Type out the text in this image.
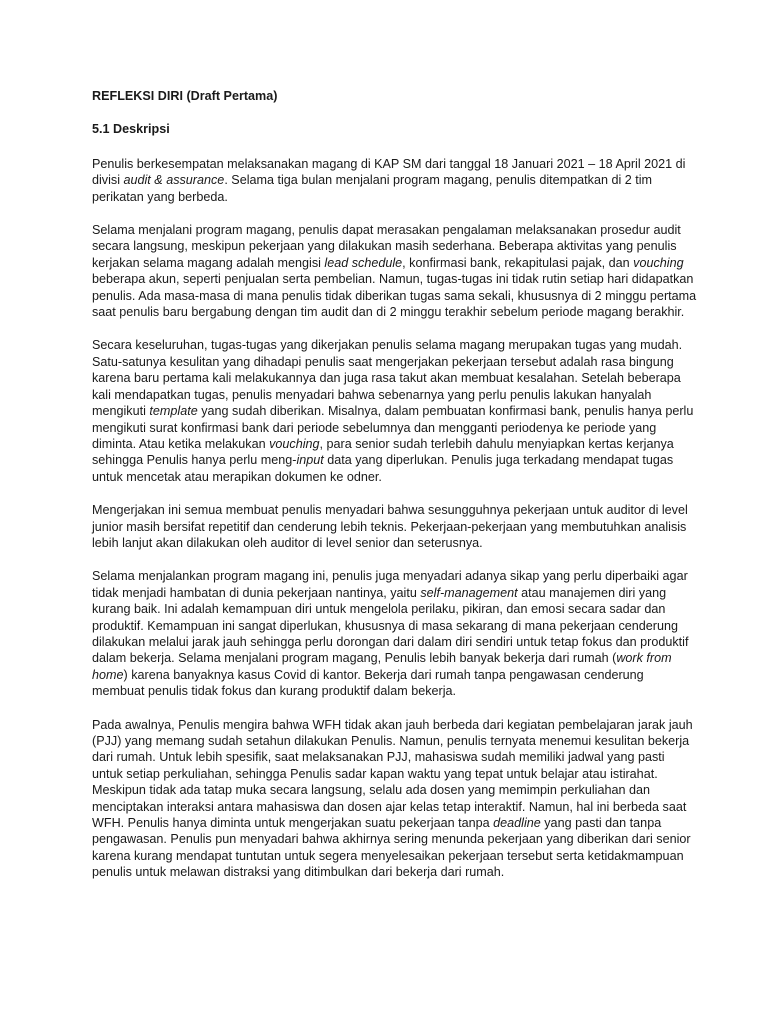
REFLEKSI DIRI (Draft Pertama)

5.1 Deskripsi

Penulis berkesempatan melaksanakan magang di KAP SM dari tanggal 18 Januari 2021 – 18 April 2021 di divisi audit & assurance. Selama tiga bulan menjalani program magang, penulis ditempatkan di 2 tim perikatan yang berbeda.

Selama menjalani program magang, penulis dapat merasakan pengalaman melaksanakan prosedur audit secara langsung, meskipun pekerjaan yang dilakukan masih sederhana. Beberapa aktivitas yang penulis kerjakan selama magang adalah mengisi lead schedule, konfirmasi bank, rekapitulasi pajak, dan vouching beberapa akun, seperti penjualan serta pembelian. Namun, tugas-tugas ini tidak rutin setiap hari didapatkan penulis. Ada masa-masa di mana penulis tidak diberikan tugas sama sekali, khususnya di 2 minggu pertama saat penulis baru bergabung dengan tim audit dan di 2 minggu terakhir sebelum periode magang berakhir.

Secara keseluruhan, tugas-tugas yang dikerjakan penulis selama magang merupakan tugas yang mudah. Satu-satunya kesulitan yang dihadapi penulis saat mengerjakan pekerjaan tersebut adalah rasa bingung karena baru pertama kali melakukannya dan juga rasa takut akan membuat kesalahan. Setelah beberapa kali mendapatkan tugas, penulis menyadari bahwa sebenarnya yang perlu penulis lakukan hanyalah mengikuti template yang sudah diberikan. Misalnya, dalam pembuatan konfirmasi bank, penulis hanya perlu mengikuti surat konfirmasi bank dari periode sebelumnya dan mengganti periodenya ke periode yang diminta. Atau ketika melakukan vouching, para senior sudah terlebih dahulu menyiapkan kertas kerjanya sehingga Penulis hanya perlu meng-input data yang diperlukan. Penulis juga terkadang mendapat tugas untuk mencetak atau merapikan dokumen ke odner.

Mengerjakan ini semua membuat penulis menyadari bahwa sesungguhnya pekerjaan untuk auditor di level junior masih bersifat repetitif dan cenderung lebih teknis. Pekerjaan-pekerjaan yang membutuhkan analisis lebih lanjut akan dilakukan oleh auditor di level senior dan seterusnya.

Selama menjalankan program magang ini, penulis juga menyadari adanya sikap yang perlu diperbaiki agar tidak menjadi hambatan di dunia pekerjaan nantinya, yaitu self-management atau manajemen diri yang kurang baik. Ini adalah kemampuan diri untuk mengelola perilaku, pikiran, dan emosi secara sadar dan produktif. Kemampuan ini sangat diperlukan, khususnya di masa sekarang di mana pekerjaan cenderung dilakukan melalui jarak jauh sehingga perlu dorongan dari dalam diri sendiri untuk tetap fokus dan produktif dalam bekerja. Selama menjalani program magang, Penulis lebih banyak bekerja dari rumah (work from home) karena banyaknya kasus Covid di kantor. Bekerja dari rumah tanpa pengawasan cenderung membuat penulis tidak fokus dan kurang produktif dalam bekerja.

Pada awalnya, Penulis mengira bahwa WFH tidak akan jauh berbeda dari kegiatan pembelajaran jarak jauh (PJJ) yang memang sudah setahun dilakukan Penulis. Namun, penulis ternyata menemui kesulitan bekerja dari rumah. Untuk lebih spesifik, saat melaksanakan PJJ, mahasiswa sudah memiliki jadwal yang pasti untuk setiap perkuliahan, sehingga Penulis sadar kapan waktu yang tepat untuk belajar atau istirahat. Meskipun tidak ada tatap muka secara langsung, selalu ada dosen yang memimpin perkuliahan dan menciptakan interaksi antara mahasiswa dan dosen ajar kelas tetap interaktif. Namun, hal ini berbeda saat WFH. Penulis hanya diminta untuk mengerjakan suatu pekerjaan tanpa deadline yang pasti dan tanpa pengawasan. Penulis pun menyadari bahwa akhirnya sering menunda pekerjaan yang diberikan dari senior karena kurang mendapat tuntutan untuk segera menyelesaikan pekerjaan tersebut serta ketidakmampuan penulis untuk melawan distraksi yang ditimbulkan dari bekerja dari rumah.
